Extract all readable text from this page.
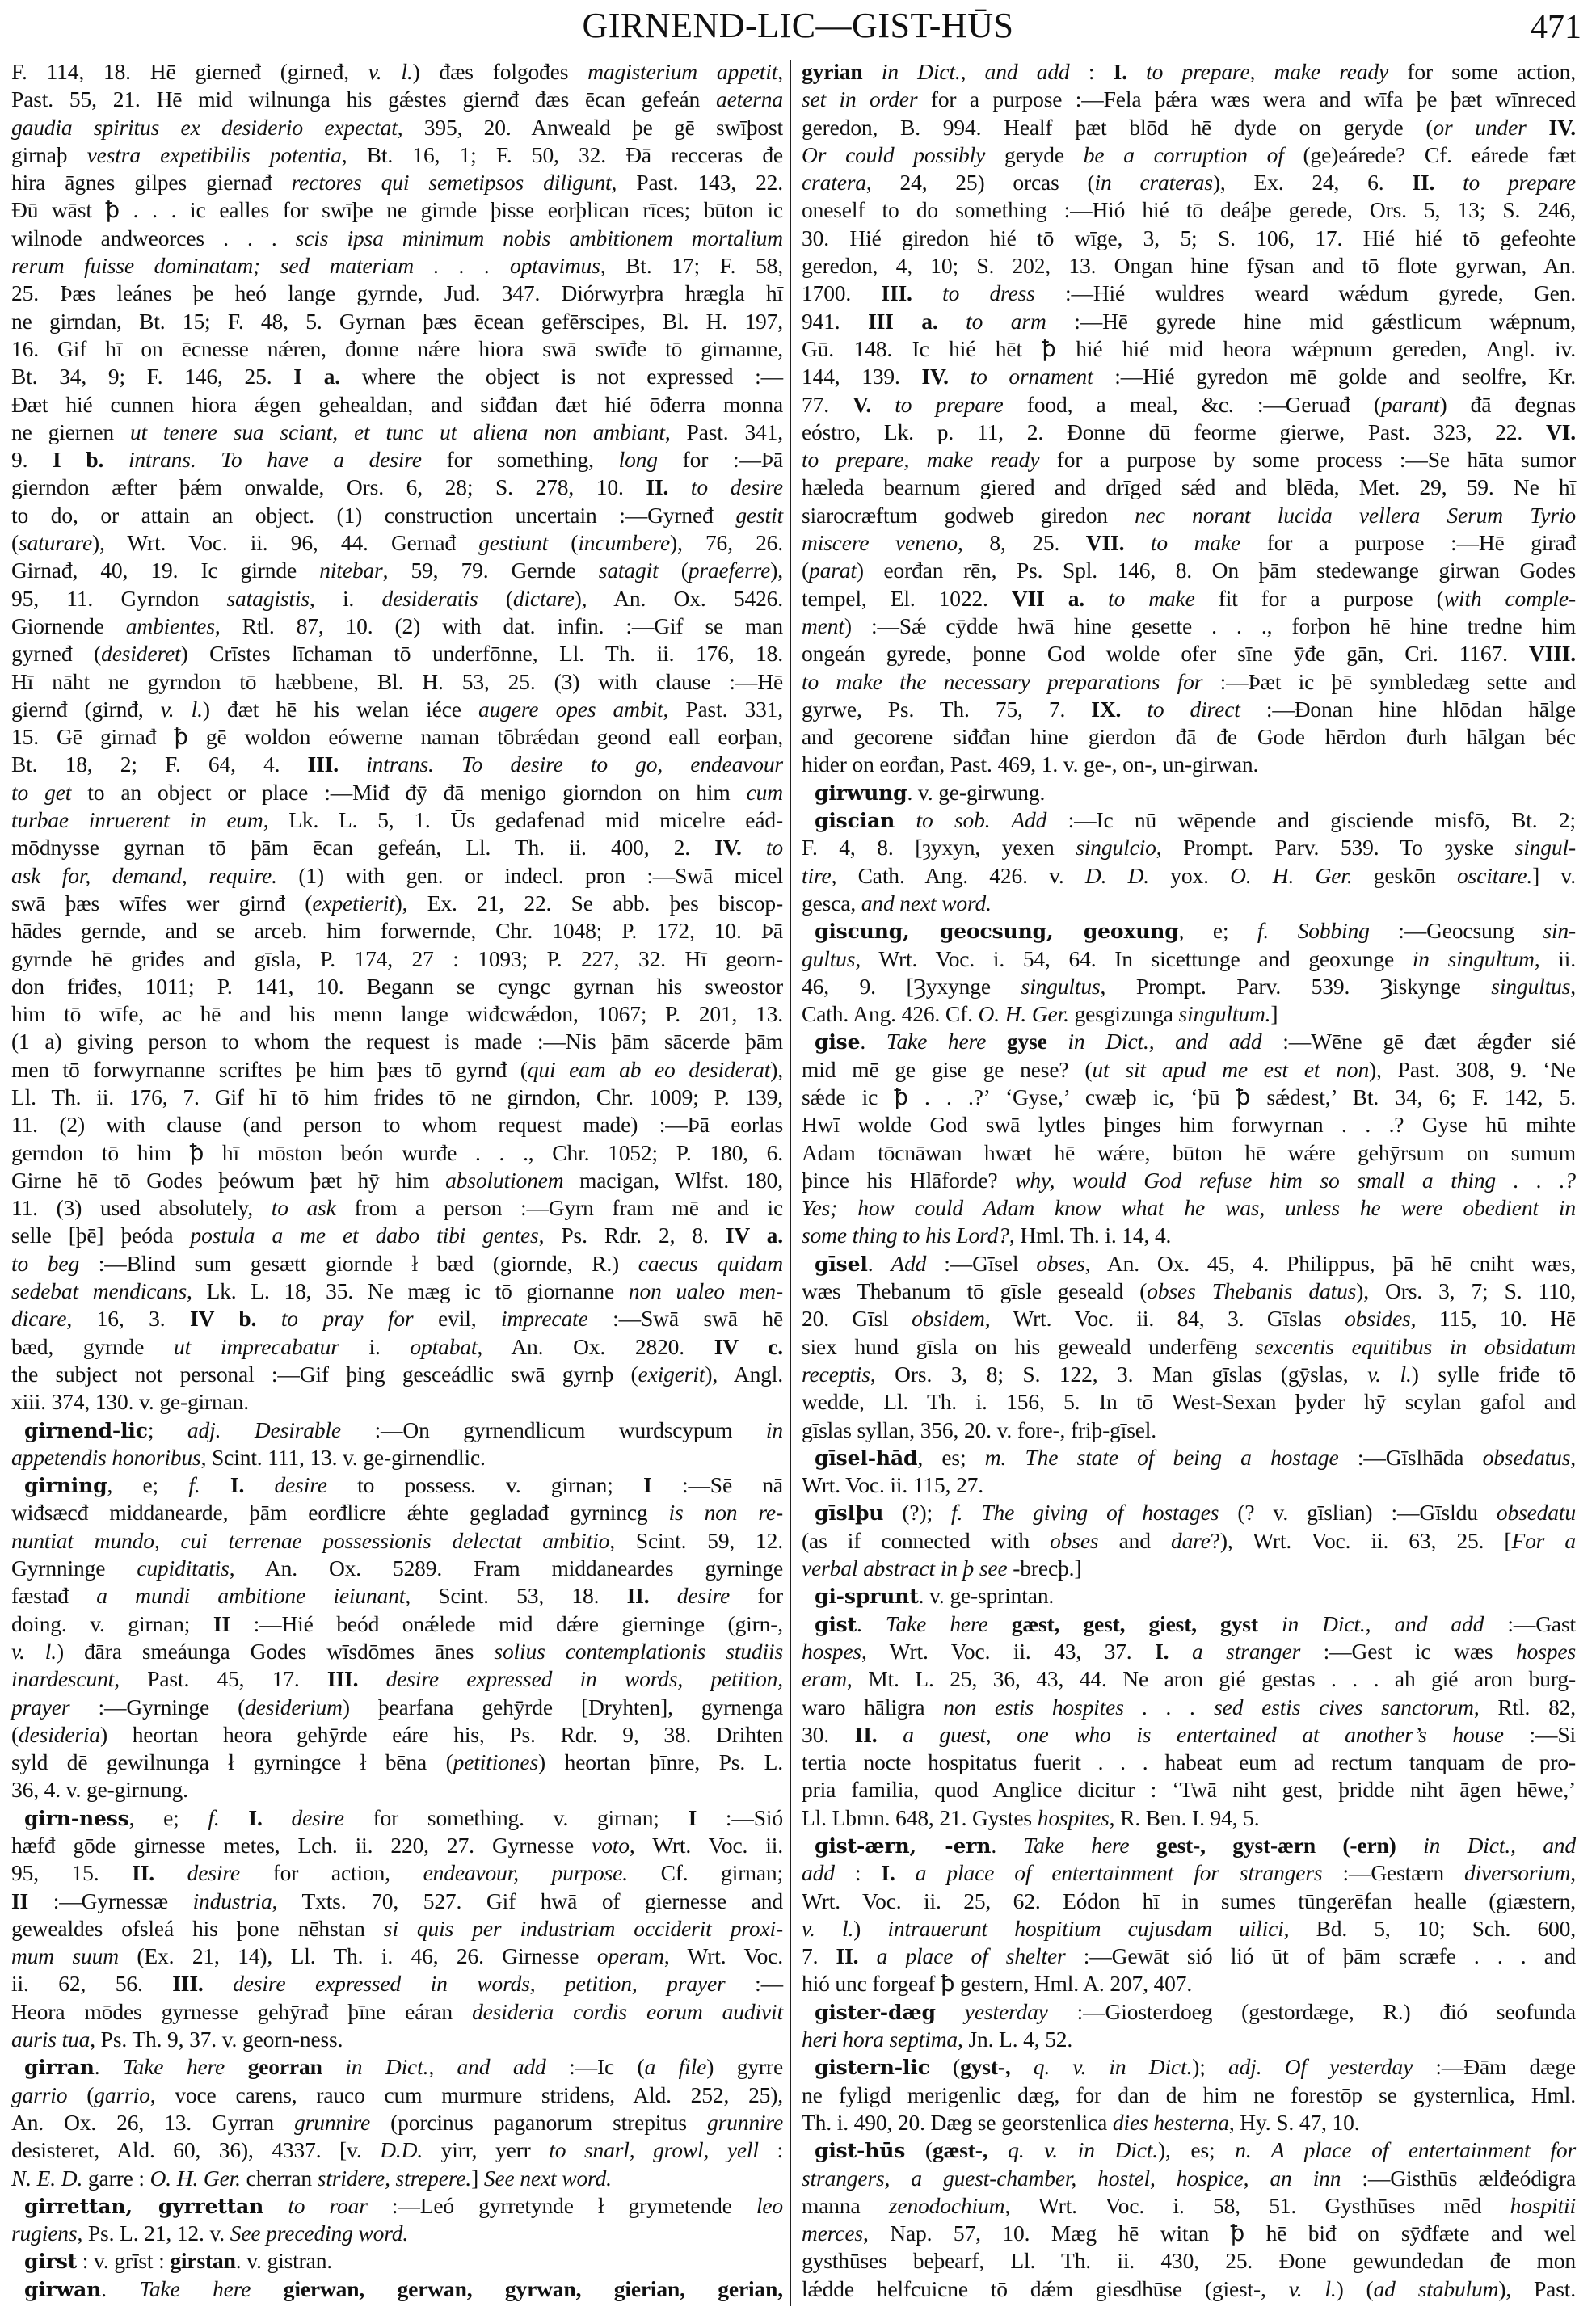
GIRNEND-LIC—GIST-HŪS	471
F. 114, 18. Hē gierneđ (girneđ, v. l.) đæs folgođes magisterium appetit,
Past. 55, 21. Hē mid wilnunga his gǽstes giernđ đæs ēcan gefeán aeterna
gaudia spiritus ex desiderio expectat, 395, 20. Anweald þe gē swīþost
girnaþ vestra expetibilis potentia, Bt. 16, 1; F. 50, 32. Đā recceras đe
hira āgnes gilpes giernađ rectores qui semetipsos diligunt, Past. 143, 22.
Đū wāst ꝥ . . . ic ealles for swīþe ne girnde þisse eorþlican rīces; būton ic
wilnode andweorces . . . scis ipsa minimum nobis ambitionem mortalium
rerum fuisse dominatam; sed materiam . . . optavimus, Bt. 17; F. 58,
25. Þæs leánes þe heó lange gyrnde, Jud. 347. Diórwyrþra hrægla hī
ne girndan, Bt. 15; F. 48, 5. Gyrnan þæs ēcean gefērscipes, Bl. H. 197,
16. Gif hī on ēcnesse nǽren, đonne nǽre hiora swā swīđe tō girnanne,
Bt. 34, 9; F. 146, 25. I a. where the object is not expressed :—
Đæt hié cunnen hiora ǽgen gehealdan, and siđđan đæt hié ōđerra monna
ne giernen ut tenere sua sciant, et tunc ut aliena non ambiant, Past. 341,
9. I b. intrans. To have a desire for something, long for :—Þā
gierndon æfter þǽm onwalde, Ors. 6, 28; S. 278, 10. II. to desire
to do, or attain an object. (1) construction uncertain :—Gyrneđ gestit
(saturare), Wrt. Voc. ii. 96, 44. Gernađ gestiunt (incumbere), 76, 26.
Girnađ, 40, 19. Ic girnde nitebar, 59, 79. Gernde satagit (praeferre),
95, 11. Gyrndon satagistis, i. desideratis (dictare), An. Ox. 5426.
Giornende ambientes, Rtl. 87, 10. (2) with dat. infin. :—Gif se man
gyrneđ (desideret) Crīstes līchaman tō underfōnne, Ll. Th. ii. 176, 18.
Hī nāht ne gyrndon tō hæbbene, Bl. H. 53, 25. (3) with clause :—Hē
giernđ (girnđ, v. l.) đæt hē his welan iéce augere opes ambit, Past. 331,
15. Gē girnađ ꝥ gē woldon eówerne naman tōbrǽdan geond eall eorþan,
Bt. 18, 2; F. 64, 4. III. intrans. To desire to go, endeavour
to get to an object or place :—Miđ đȳ đā menigo giorndon on him cum
turbae inruerent in eum, Lk. L. 5, 1. Ūs gedafenađ mid micelre eáđ-
mōdnysse gyrnan tō þām ēcan gefeán, Ll. Th. ii. 400, 2. IV. to
ask for, demand, require. (1) with gen. or indecl. pron :—Swā micel
swā þæs wīfes wer girnđ (expetierit), Ex. 21, 22. Se abb. þes biscop-
hādes gernde, and se arceb. him forwernde, Chr. 1048; P. 172, 10. Þā
gyrnde hē griđes and gīsla, P. 174, 27 : 1093; P. 227, 32. Hī georn-
don friđes, 1011; P. 141, 10. Begann se cyngc gyrnan his sweostor
him tō wīfe, ac hē and his menn lange wiđcwǽdon, 1067; P. 201, 13.
(1 a) giving person to whom the request is made :—Nis þām sācerde þām
men tō forwyrnanne scriftes þe him þæs tō gyrnđ (qui eam ab eo desiderat),
Ll. Th. ii. 176, 7. Gif hī tō him friđes tō ne girndon, Chr. 1009; P. 139,
11. (2) with clause (and person to whom request made) :—Þā eorlas
gerndon tō him ꝥ hī mōston beón wurđe . . ., Chr. 1052; P. 180, 6.
Girne hē tō Godes þeówum þæt hȳ him absolutionem macigan, Wlfst. 180,
11. (3) used absolutely, to ask from a person :—Gyrn fram mē and ic
selle [þē] þeóda postula a me et dabo tibi gentes, Ps. Rdr. 2, 8. IV a.
to beg :—Blind sum gesætt giornde ł bæd (giornde, R.) caecus quidam
sedebat mendicans, Lk. L. 18, 35. Ne mæg ic tō giornanne non ualeo men-
dicare, 16, 3. IV b. to pray for evil, imprecate :—Swā swā hē
bæd, gyrnde ut imprecabatur i. optabat, An. Ox. 2820. IV c.
the subject not personal :—Gif þing gesceádlic swā gyrnþ (exigerit), Angl.
xiii. 374, 130. v. ge-girnan.
girnend-lic; adj. Desirable :—On gyrnendlicum wurđscypum in
appetendis honoribus, Scint. 111, 13. v. ge-girnendlic.
girning, e; f. I. desire to possess. v. girnan; I :—Sē nā
wiđsæcđ middanearde, þām eorđlicre ǽhte gegladađ gyrnincg is non re-
nuntiat mundo, cui terrenae possessionis delectat ambitio, Scint. 59, 12.
Gyrnninge cupiditatis, An. Ox. 5289. Fram middaneardes gyrninge
fæstađ a mundi ambitione ieiunant, Scint. 53, 18. II. desire for
doing. v. girnan; II :—Hié beóđ onǽlede mid đǽre gierninge (girn-,
v. l.) đāra smeáunga Godes wīsdōmes ānes solius contemplationis studiis
inardescunt, Past. 45, 17. III. desire expressed in words, petition,
prayer :—Gyrninge (desiderium) þearfana gehȳrde [Dryhten], gyrnenga
(desideria) heortan heora gehȳrde eáre his, Ps. Rdr. 9, 38. Drihten
sylđ đē gewilnunga ł gyrningce ł bēna (petitiones) heortan þīnre, Ps. L.
36, 4. v. ge-girnung.
girn-ness, e; f. I. desire for something. v. girnan; I :—Sió
hæfđ gōde girnesse metes, Lch. ii. 220, 27. Gyrnesse voto, Wrt. Voc. ii.
95, 15. II. desire for action, endeavour, purpose. Cf. girnan;
II :—Gyrnessæ industria, Txts. 70, 527. Gif hwā of giernesse and
gewealdes ofsleá his þone nēhstan si quis per industriam occiderit proxi-
mum suum (Ex. 21, 14), Ll. Th. i. 46, 26. Girnesse operam, Wrt. Voc.
ii. 62, 56. III. desire expressed in words, petition, prayer :—
Heora mōdes gyrnesse gehȳrađ þīne eáran desideria cordis eorum audivit
auris tua, Ps. Th. 9, 37. v. georn-ness.
girran. Take here georran in Dict., and add :—Ic (a file) gyrre
garrio (garrio, voce carens, rauco cum murmure stridens, Ald. 252, 25),
An. Ox. 26, 13. Gyrran grunnire (porcinus paganorum strepitus grunnire
desisteret, Ald. 60, 36), 4337. [v. D.D. yirr, yerr to snarl, growl, yell :
N. E. D. garre : O. H. Ger. cherran stridere, strepere.] See next word.
girrettan, gyrrettan to roar :—Leó gyrretynde ł grymetende leo
rugiens, Ps. L. 21, 12. v. See preceding word.
girst : v. grīst : girstan. v. gistran.
girwan. Take here gierwan, gerwan, gyrwan, gierian, gerian,
gyrian in Dict., and add : I. to prepare, make ready for some action,
set in order for a purpose :—Fela þǽra wæs wera and wīfa þe þæt wīnreced
geredon, B. 994. Healf þæt blōd hē dyde on geryde (or under IV.
Or could possibly geryde be a corruption of (ge)eárede? Cf. eárede fæt
cratera, 24, 25) orcas (in crateras), Ex. 24, 6. II. to prepare
oneself to do something :—Hió hié tō deáþe gerede, Ors. 5, 13; S. 246,
30. Hié giredon hié tō wīge, 3, 5; S. 106, 17. Hié hié tō gefeohte
geredon, 4, 10; S. 202, 13. Ongan hine fȳsan and tō flote gyrwan, An.
1700. III. to dress :—Hié wuldres weard wǽdum gyrede, Gen.
941. III a. to arm :—Hē gyrede hine mid gǽstlicum wǽpnum,
Gū. 148. Ic hié hēt ꝥ hié hié mid heora wǽpnum gereden, Angl. iv.
144, 139. IV. to ornament :—Hié gyredon mē golde and seolfre, Kr.
77. V. to prepare food, a meal, &c. :—Geruađ (parant) đā đegnas
eóstro, Lk. p. 11, 2. Đonne đū feorme gierwe, Past. 323, 22. VI.
to prepare, make ready for a purpose by some process :—Se hāta sumor
hæleđa bearnum gieređ and drīgeđ sǽd and blēda, Met. 29, 59. Ne hī
siarocræftum godweb giredon nec norant lucida vellera Serum Tyrio
miscere veneno, 8, 25. VII. to make for a purpose :—Hē girađ
(parat) eorđan rēn, Ps. Spl. 146, 8. On þām stedewange girwan Godes
tempel, El. 1022. VII a. to make fit for a purpose (with comple-
ment) :—Sǽ cȳđde hwā hine gesette . . ., forþon hē hine tredne him
ongeán gyrede, þonne God wolde ofer sīne ȳđe gān, Cri. 1167. VIII.
to make the necessary preparations for :—Þæt ic þē symbledæg sette and
gyrwe, Ps. Th. 75, 7. IX. to direct :—Đonan hine hlōdan hālge
and gecorene siđđan hine gierdon đā đe Gode hērdon đurh hālgan béc
hider on eorđan, Past. 469, 1. v. ge-, on-, un-girwan.
girwung. v. ge-girwung.
giscian to sob. Add :—Ic nū wēpende and gisciende misfō, Bt. 2;
F. 4, 8. [ȝyxyn, yexen singulcio, Prompt. Parv. 539. To ȝyske singul-
tire, Cath. Ang. 426. v. D. D. yox. O. H. Ger. geskōn oscitare.] v.
gesca, and next word.
giscung, geocsung, geoxung, e; f. Sobbing :—Geocsung sin-
gultus, Wrt. Voc. i. 54, 64. In sicettunge and geoxunge in singultum, ii.
46, 9. [Ȝyxynge singultus, Prompt. Parv. 539. Ȝiskynge singultus,
Cath. Ang. 426. Cf. O. H. Ger. gesgizunga singultum.]
gise. Take here gyse in Dict., and add :—Wēne gē đæt ǽgđer sié
mid mē ge gise ge nese? (ut sit apud me est et non), Past. 308, 9. ‘Ne
sǽde ic ꝥ . . .?’ ‘Gyse,’ cwæþ ic, ‘þū ꝥ sǽdest,’ Bt. 34, 6; F. 142, 5.
Hwī wolde God swā lytles þinges him forwyrnan . . .? Gyse hū mihte
Adam tōcnāwan hwæt hē wǽre, būton hē wǽre gehȳrsum on sumum
þince his Hlāforde? why, would God refuse him so small a thing . . .?
Yes; how could Adam know what he was, unless he were obedient in
some thing to his Lord?, Hml. Th. i. 14, 4.
gīsel. Add :—Gīsel obses, An. Ox. 45, 4. Philippus, þā hē cniht wæs,
wæs Thebanum tō gīsle geseald (obses Thebanis datus), Ors. 3, 7; S. 110,
20. Gīsl obsidem, Wrt. Voc. ii. 84, 3. Gīslas obsides, 115, 10. Hē
siex hund gīsla on his geweald underfēng sexcentis equitibus in obsidatum
receptis, Ors. 3, 8; S. 122, 3. Man gīslas (gȳslas, v. l.) sylle friđe tō
wedde, Ll. Th. i. 156, 5. In tō West-Sexan þyder hȳ scylan gafol and
gīslas syllan, 356, 20. v. fore-, friþ-gīsel.
gīsel-hād, es; m. The state of being a hostage :—Gīslhāda obsedatus,
Wrt. Voc. ii. 115, 27.
gīslþu (?); f. The giving of hostages (? v. gīslian) :—Gīsldu obsedatu
(as if connected with obses and dare?), Wrt. Voc. ii. 63, 25. [For a
verbal abstract in þ see -brecþ.]
gi-sprunt. v. ge-sprintan.
gist. Take here gæst, gest, giest, gyst in Dict., and add :—Gast
hospes, Wrt. Voc. ii. 43, 37. I. a stranger :—Gest ic wæs hospes
eram, Mt. L. 25, 36, 43, 44. Ne aron gié gestas . . . ah gié aron burg-
waro hāligra non estis hospites . . . sed estis cives sanctorum, Rtl. 82,
30. II. a guest, one who is entertained at another’s house :—Si
tertia nocte hospitatus fuerit . . . habeat eum ad rectum tanquam de pro-
pria familia, quod Anglice dicitur : ‘Twā niht gest, þridde niht āgen hēwe,’
Ll. Lbmn. 648, 21. Gystes hospites, R. Ben. I. 94, 5.
gist-ærn, -ern. Take here gest-, gyst-ærn (-ern) in Dict., and
add : I. a place of entertainment for strangers :—Gestærn diversorium,
Wrt. Voc. ii. 25, 62. Eódon hī in sumes tūngerēfan healle (giæstern,
v. l.) intrauerunt hospitium cujusdam uilici, Bd. 5, 10; Sch. 600,
7. II. a place of shelter :—Gewāt sió lió ūt of þām scræfe . . . and
hió unc forgeaf ꝥ gestern, Hml. A. 207, 407.
gister-dæg yesterday :—Giosterdoeg (gestordæge, R.) đió seofunda
heri hora septima, Jn. L. 4, 52.
gistern-lic (gyst-, q. v. in Dict.); adj. Of yesterday :—Đām dæge
ne fyligđ merigenlic dæg, for đan đe him ne forestōp se gysternlica, Hml.
Th. i. 490, 20. Dæg se georstenlica dies hesterna, Hy. S. 47, 10.
gist-hūs (gæst-, q. v. in Dict.), es; n. A place of entertainment for
strangers, a guest-chamber, hostel, hospice, an inn :—Gisthūs ælđeódigra
manna zenodochium, Wrt. Voc. i. 58, 51. Gysthūses mēd hospitii
merces, Nap. 57, 10. Mæg hē witan ꝥ hē biđ on sȳđfæte and wel
gysthūses beþearf, Ll. Th. ii. 430, 25. Đone gewundedan đe mon
lǽdde helfcuicne tō đǽm giesđhūse (giest-, v. l.) (ad stabulum), Past.
